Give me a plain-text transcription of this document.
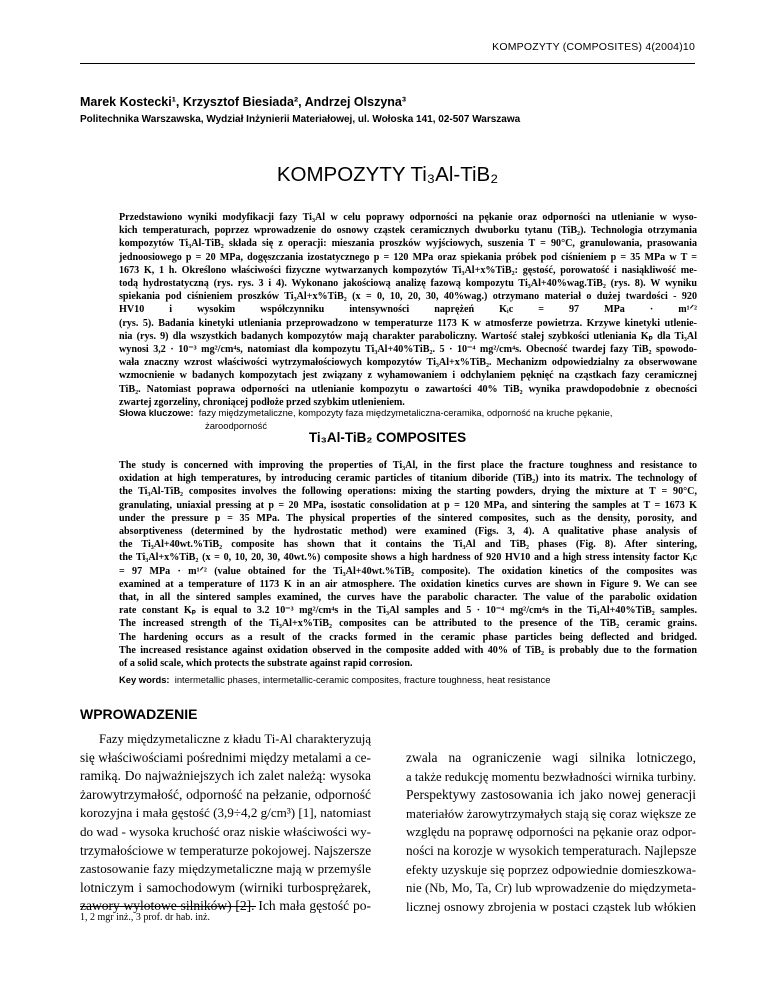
KOMPOZYTY (COMPOSITES) 4(2004)10
Marek Kostecki¹, Krzysztof Biesiada², Andrzej Olszyna³
Politechnika Warszawska, Wydział Inżynierii Materiałowej, ul. Wołoska 141, 02-507 Warszawa
KOMPOZYTY Ti₃Al-TiB₂
Przedstawiono wyniki modyfikacji fazy Ti₃Al w celu poprawy odporności na pękanie oraz odporności na utlenianie w wyso-
kich temperaturach, poprzez wprowadzenie do osnowy cząstek ceramicznych dwuborku tytanu (TiB₂). Technologia otrzymania
kompozytów Ti₃Al-TiB₂ składa się z operacji: mieszania proszków wyjściowych, suszenia T = 90°C, granulowania, prasowania
jednoosiowego p = 20 MPa, dogęszczania izostatycznego p = 120 MPa oraz spiekania próbek pod ciśnieniem p = 35 MPa w T =
1673 K, 1 h. Określono właściwości fizyczne wytwarzanych kompozytów Ti₃Al+x%TiB₂: gęstość, porowatość i nasiąkliwość me-
todą hydrostatyczną (rys. rys. 3 i 4). Wykonano jakościową analizę fazową kompozytu Ti₃Al+40%wag.TiB₂ (rys. 8). W wyniku
spiekania pod ciśnieniem proszków Ti₃Al+x%TiB₂ (x = 0, 10, 20, 30, 40%wag.) otrzymano materiał o dużej twardości - 920
HV10 i wysokim współczynniku intensywności naprężeń Kᵢc = 97 MPa · m¹ᐟ²
(rys. 5). Badania kinetyki utleniania przeprowadzono w temperaturze 1173 K w atmosferze powietrza. Krzywe kinetyki utlenie-
nia (rys. 9) dla wszystkich badanych kompozytów mają charakter paraboliczny. Wartość stałej szybkości utleniania Kₚ dla Ti₃Al
wynosi 3,2 · 10⁻³ mg²/cm⁴s, natomiast dla kompozytu Ti₃Al+40%TiB₂. 5 · 10⁻⁴ mg²/cm⁴s. Obecność twardej fazy TiB₂ spowodo-
wała znaczny wzrost właściwości wytrzymałościowych kompozytów Ti₃Al+x%TiB₂. Mechanizm odpowiedzialny za obserwowane
wzmocnienie w badanych kompozytach jest związany z wyhamowaniem i odchylaniem pęknięć na cząstkach fazy ceramicznej
TiB₂. Natomiast poprawa odporności na utlenianie kompozytu o zawartości 40% TiB₂ wynika prawdopodobnie z obecności
zwartej zgorzeliny, chroniącej podłoże przed szybkim utlenieniem.
Słowa kluczowe: fazy międzymetaliczne, kompozyty faza międzymetaliczna-ceramika, odporność na kruche pękanie,
żaroodporność
Ti₃Al-TiB₂ COMPOSITES
The study is concerned with improving the properties of Ti₃Al, in the first place the fracture toughness and resistance to
oxidation at high temperatures, by introducing ceramic particles of titanium diboride (TiB₂) into its matrix. The technology of
the Ti₃Al-TiB₂ composites involves the following operations: mixing the starting powders, drying the mixture at T = 90°C,
granulating, uniaxial pressing at p = 20 MPa, isostatic consolidation at p = 120 MPa, and sintering the samples at T = 1673 K
under the pressure p = 35 MPa. The physical properties of the sintered composites, such as the density, porosity, and
absorptiveness (determined by the hydrostatic method) were examined (Figs. 3, 4). A qualitative phase analysis of
the Ti₃Al+40wt.%TiB₂ composite has shown that it contains the Ti₃Al and TiB₂ phases (Fig. 8). After sintering,
the Ti₃Al+x%TiB₂ (x = 0, 10, 20, 30, 40wt.%) composite shows a high hardness of 920 HV10 and a high stress intensity factor Kᵢc
= 97 MPa · m¹ᐟ² (value obtained for the Ti₃Al+40wt.%TiB₂ composite). The oxidation kinetics of the composites was
examined at a temperature of 1173 K in an air atmosphere. The oxidation kinetics curves are shown in Figure 9. We can see
that, in all the sintered samples examined, the curves have the parabolic character. The value of the parabolic oxidation
rate constant Kₚ is equal to 3.2 10⁻³ mg²/cm⁴s in the Ti₃Al samples and 5 · 10⁻⁴ mg²/cm⁴s in the Ti₃Al+40%TiB₂ samples.
The increased strength of the Ti₃Al+x%TiB₂ composites can be attributed to the presence of the TiB₂ ceramic grains.
The hardening occurs as a result of the cracks formed in the ceramic phase particles being deflected and bridged.
The increased resistance against oxidation observed in the composite added with 40% of TiB₂ is probably due to the formation
of a solid scale, which protects the substrate against rapid corrosion.
Key words: intermetallic phases, intermetallic-ceramic composites, fracture toughness, heat resistance
WPROWADZENIE
Fazy międzymetaliczne z kładu Ti-Al charakteryzują
się właściwościami pośrednimi między metalami a ce-
ramiką. Do najważniejszych ich zalet należą: wysoka
żarowytrzymałość, odporność na pełzanie, odporność
korozyjna i mała gęstość (3,9÷4,2 g/cm³) [1], natomiast
do wad - wysoka kruchość oraz niskie właściwości wy-
trzymałościowe w temperaturze pokojowej. Najszersze
zastosowanie fazy międzymetaliczne mają w przemyśle
lotniczym i samochodowym (wirniki turbosprężarek,
zawory wylotowe silników) [2]. Ich mała gęstość po-
zwala na ograniczenie wagi silnika lotniczego,
a także redukcję momentu bezwładności wirnika turbiny.
Perspektywy zastosowania ich jako nowej generacji
materiałów żarowytrzymałych stają się coraz większe ze
względu na poprawę odporności na pękanie oraz odpor-
ności na korozje w wysokich temperaturach. Najlepsze
efekty uzyskuje się poprzez odpowiednie domieszkowa-
nie (Nb, Mo, Ta, Cr) lub wprowadzenie do międzymeta-
licznej osnowy zbrojenia w postaci cząstek lub włókien
1, 2 mgr inż., 3 prof. dr hab. inż.
